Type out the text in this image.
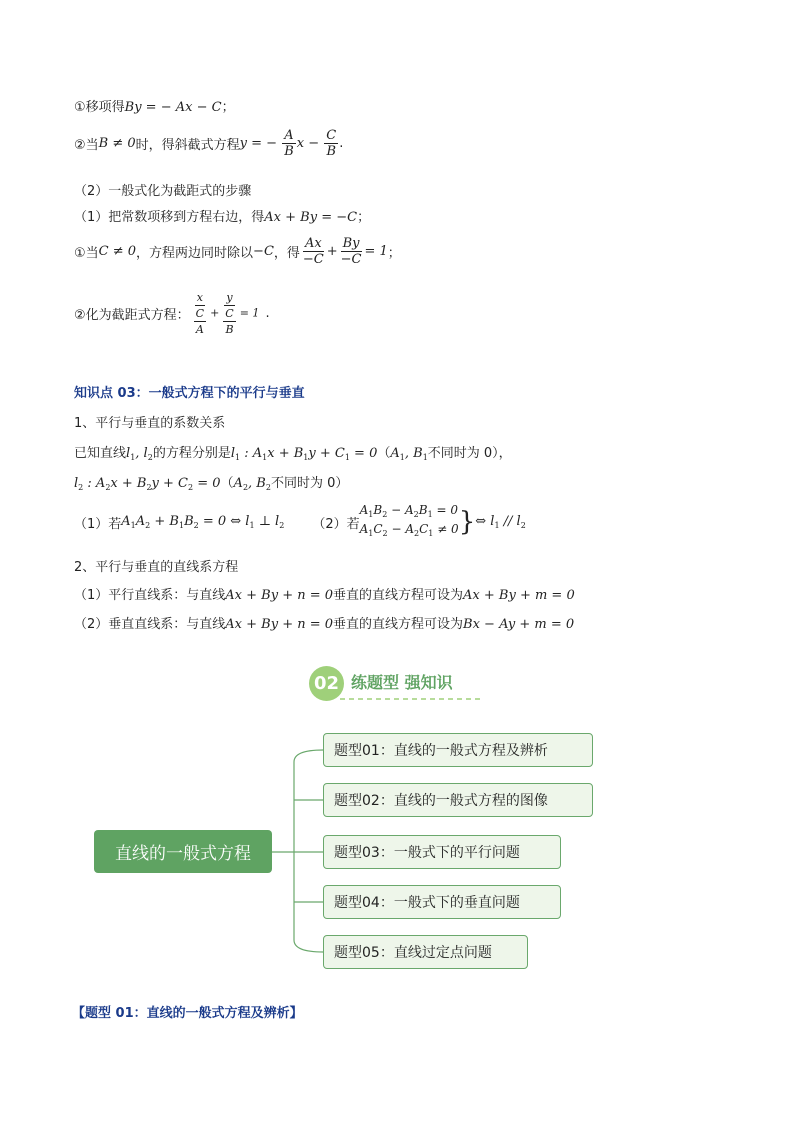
①移项得By = − Ax − C；
②当 B ≠ 0 时，得斜截式方程 y = − $\frac{A}{B}$ $x - \frac{C}{B}$ .
（2）一般式化为截距式的步骤
（1）把常数项移到方程右边，得Ax + By = −C；
①当 C ≠ 0 ，方程两边同时除以 −C ，得 $\frac{Ax}{-C} + \frac{By}{-C} = 1$ ；
②化为截距式方程： $\frac{x}{\frac{C}{A}} + \frac{y}{\frac{C}{B}} = 1$ .
知识点 03：一般式方程下的平行与垂直
1、平行与垂直的系数关系
已知直线$l_1$, $l_2$的方程分别是$l_1$ : $A_1x + B_1y + C_1 = 0(A_1$, $B_1$不同时为 0），
$l_2$ : $A_2x + B_2y + C_2 = 0(A_2$, $B_2$不同时为 0）
（1）若 $A_1A_2 + B_1B_2 = 0$ ⇔ $l_1$ ⊥ $l_2$ （2）若
$A_1B_2 - A_2B_1 = 0$
$A_1C_2 - A_2C_1 \ne 0$ } ⇔ $l_1 // l_2$
2、平行与垂直的直线系方程
（1）平行直线系：与直线Ax + By + n = 0垂直的直线方程可设为Ax + By + m = 0
（2）垂直直线系：与直线Ax + By + n = 0垂直的直线方程可设为Bx − Ay + m = 0
02 练题型 强知识
直线的一般式方程
题型01：直线的一般式方程及辨析
题型02：直线的一般式方程的图像
题型03：一般式下的平行问题
题型04：一般式下的垂直问题
题型05：直线过定点问题
【题型 01：直线的一般式方程及辨析】
